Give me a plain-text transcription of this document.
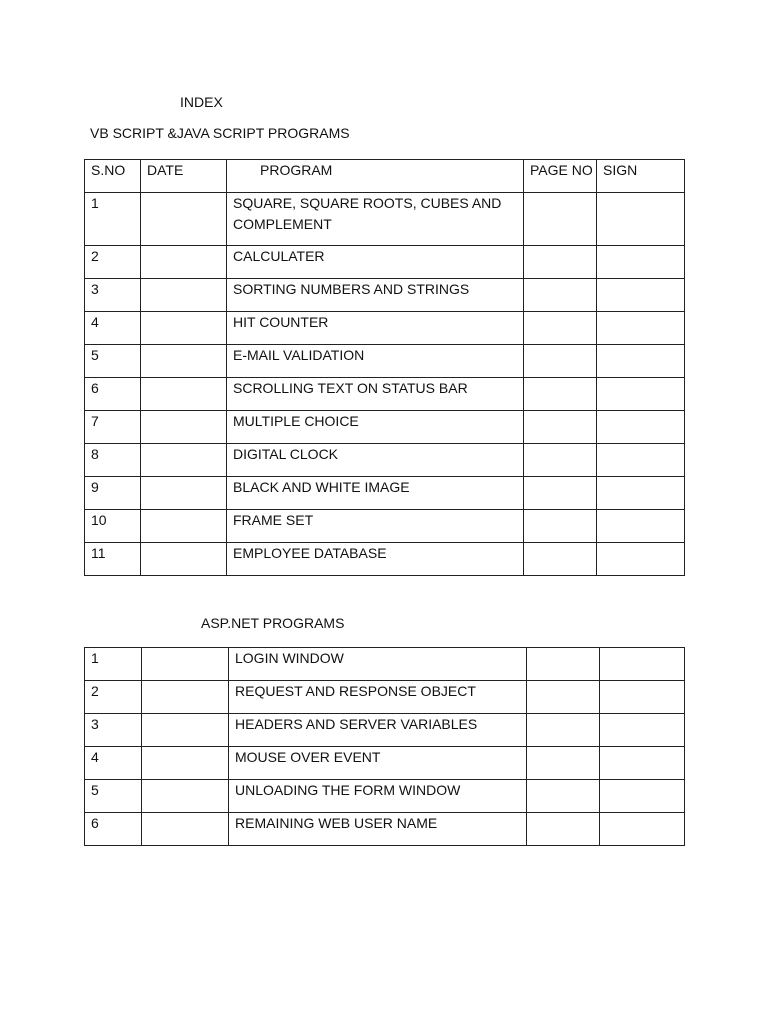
INDEX
VB SCRIPT &JAVA SCRIPT PROGRAMS
S.NO	DATE	PROGRAM	PAGE NO	SIGN

1		SQUARE, SQUARE ROOTS, CUBES AND COMPLEMENT		

2		CALCULATER		

3		SORTING NUMBERS AND STRINGS		

4		HIT COUNTER		

5		E-MAIL VALIDATION		

6		SCROLLING TEXT ON STATUS BAR		

7		MULTIPLE CHOICE		

8		DIGITAL CLOCK		

9		BLACK AND WHITE IMAGE		

10		FRAME SET		

11		EMPLOYEE DATABASE		

ASP.NET PROGRAMS
1		LOGIN WINDOW		

2		REQUEST AND RESPONSE OBJECT		

3		HEADERS AND SERVER VARIABLES		

4		MOUSE OVER EVENT		

5		UNLOADING THE FORM WINDOW		

6		REMAINING WEB USER NAME		
